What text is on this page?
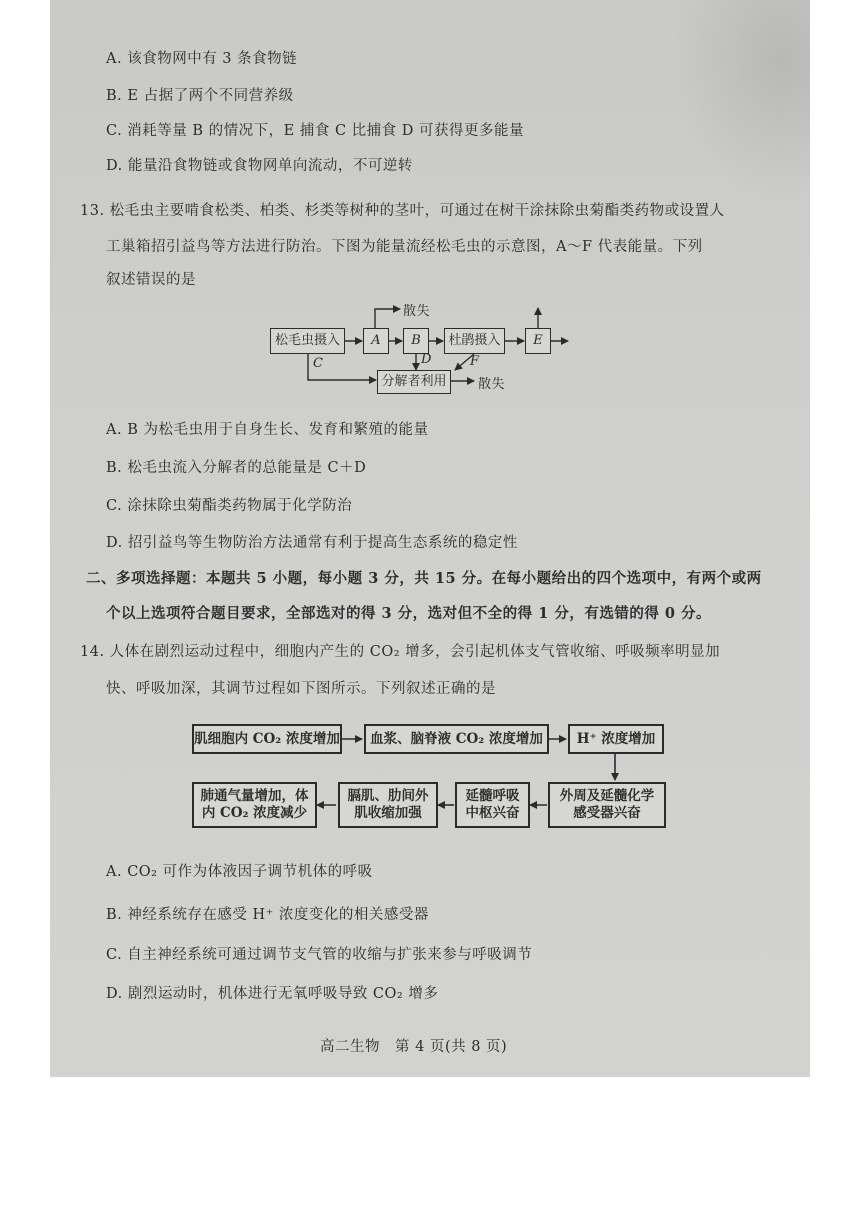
A. 该食物网中有 3 条食物链
B. E 占据了两个不同营养级
C. 消耗等量 B 的情况下，E 捕食 C 比捕食 D 可获得更多能量
D. 能量沿食物链或食物网单向流动，不可逆转
13. 松毛虫主要啃食松类、柏类、杉类等树种的茎叶，可通过在树干涂抹除虫菊酯类药物或设置人
工巢箱招引益鸟等方法进行防治。下图为能量流经松毛虫的示意图，A～F 代表能量。下列
叙述错误的是
松毛虫摄入	A	B	杜鹃摄入	E
分解者利用
散失
散失
C	D	F
A. B 为松毛虫用于自身生长、发育和繁殖的能量
B. 松毛虫流入分解者的总能量是 C＋D
C. 涂抹除虫菊酯类药物属于化学防治
D. 招引益鸟等生物防治方法通常有利于提高生态系统的稳定性
二、多项选择题：本题共 5 小题，每小题 3 分，共 15 分。在每小题给出的四个选项中，有两个或两
个以上选项符合题目要求，全部选对的得 3 分，选对但不全的得 1 分，有选错的得 0 分。
14. 人体在剧烈运动过程中，细胞内产生的 CO₂ 增多，会引起机体支气管收缩、呼吸频率明显加
快、呼吸加深，其调节过程如下图所示。下列叙述正确的是
肌细胞内 CO₂ 浓度增加	血浆、脑脊液 CO₂ 浓度增加	H⁺ 浓度增加
外周及延髓化学
感受器兴奋
延髓呼吸
中枢兴奋
膈肌、肋间外
肌收缩加强
肺通气量增加，体
内 CO₂ 浓度减少
A. CO₂ 可作为体液因子调节机体的呼吸
B. 神经系统存在感受 H⁺ 浓度变化的相关感受器
C. 自主神经系统可通过调节支气管的收缩与扩张来参与呼吸调节
D. 剧烈运动时，机体进行无氧呼吸导致 CO₂ 增多
高二生物　第 4 页(共 8 页)
